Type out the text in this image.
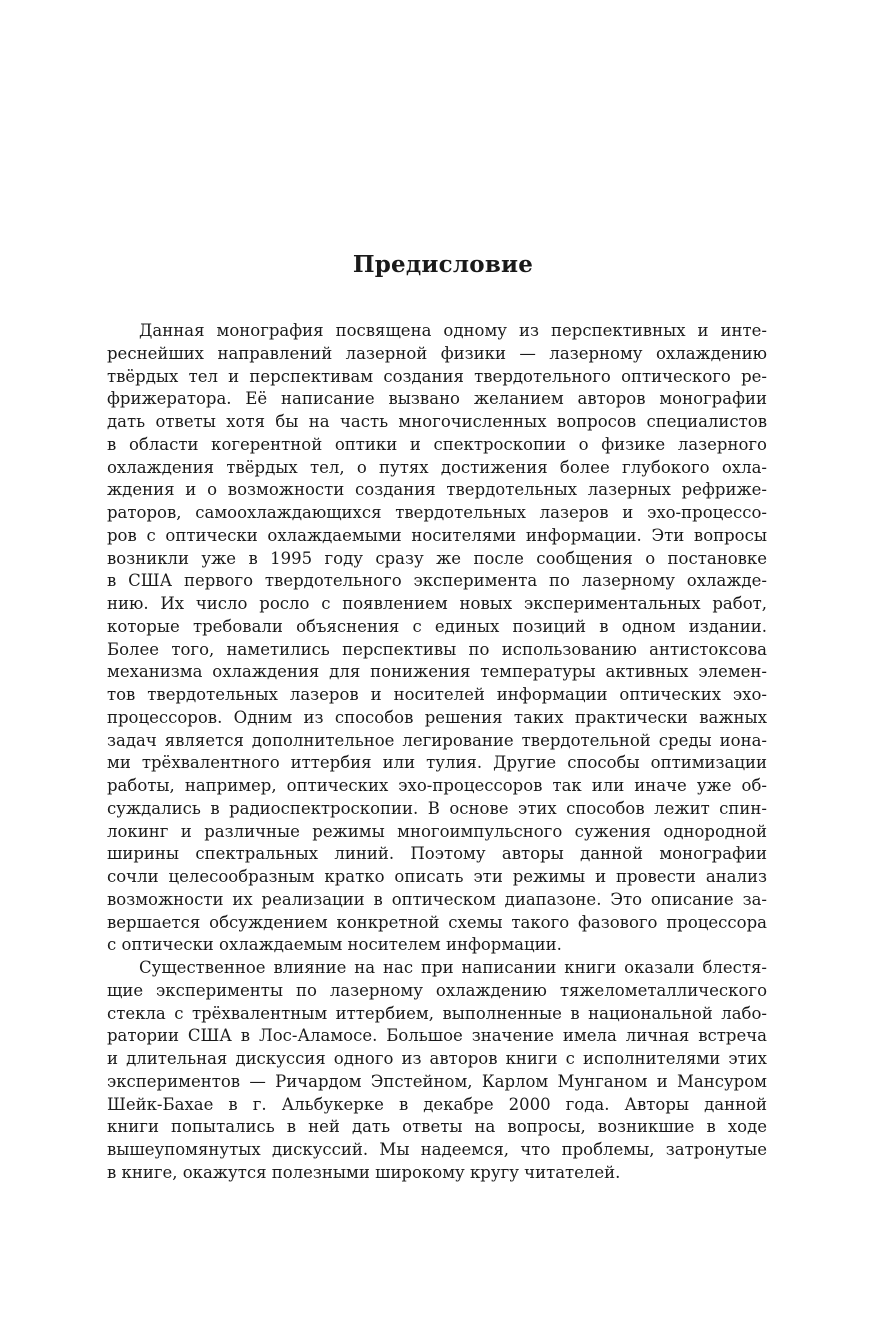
Предисловие
Данная монография посвящена одному из перспективных и инте-
реснейших направлений лазерной физики — лазерному охлаждению
твёрдых тел и перспективам создания твердотельного оптического ре-
фрижератора. Её написание вызвано желанием авторов монографии
дать ответы хотя бы на часть многочисленных вопросов специалистов
в области когерентной оптики и спектроскопии о физике лазерного
охлаждения твёрдых тел, о путях достижения более глубокого охла-
ждения и о возможности создания твердотельных лазерных рефриже-
раторов, самоохлаждающихся твердотельных лазеров и эхо-процессо-
ров с оптически охлаждаемыми носителями информации. Эти вопросы
возникли уже в 1995 году сразу же после сообщения о постановке
в США первого твердотельного эксперимента по лазерному охлажде-
нию. Их число росло с появлением новых экспериментальных работ,
которые требовали объяснения с единых позиций в одном издании.
Более того, наметились перспективы по использованию антистоксова
механизма охлаждения для понижения температуры активных элемен-
тов твердотельных лазеров и носителей информации оптических эхо-
процессоров. Одним из способов решения таких практически важных
задач является дополнительное легирование твердотельной среды иона-
ми трёхвалентного иттербия или тулия. Другие способы оптимизации
работы, например, оптических эхо-процессоров так или иначе уже об-
суждались в радиоспектроскопии. В основе этих способов лежит спин-
локинг и различные режимы многоимпульсного сужения однородной
ширины спектральных линий. Поэтому авторы данной монографии
сочли целесообразным кратко описать эти режимы и провести анализ
возможности их реализации в оптическом диапазоне. Это описание за-
вершается обсуждением конкретной схемы такого фазового процессора
с оптически охлаждаемым носителем информации.
Существенное влияние на нас при написании книги оказали блестя-
щие эксперименты по лазерному охлаждению тяжелометаллического
стекла с трёхвалентным иттербием, выполненные в национальной лабо-
ратории США в Лос-Аламосе. Большое значение имела личная встреча
и длительная дискуссия одного из авторов книги с исполнителями этих
экспериментов — Ричардом Эпстейном, Карлом Мунганом и Мансуром
Шейк-Бахае в г. Альбукерке в декабре 2000 года. Авторы данной
книги попытались в ней дать ответы на вопросы, возникшие в ходе
вышеупомянутых дискуссий. Мы надеемся, что проблемы, затронутые
в книге, окажутся полезными широкому кругу читателей.
